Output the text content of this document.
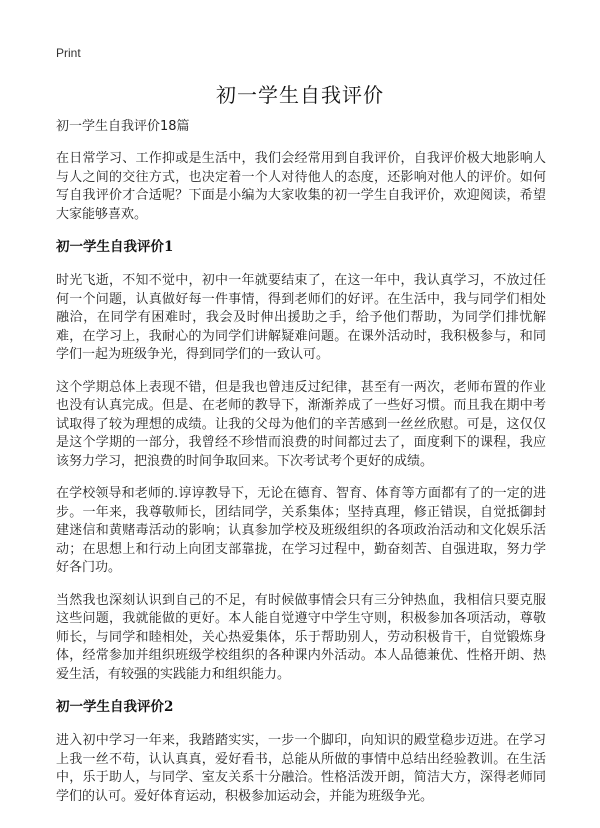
Print
初一学生自我评价

初一学生自我评价18篇

在日常学习、工作抑或是生活中，我们会经常用到自我评价，自我评价极大地影响人与人之间的交往方式，也决定着一个人对待他人的态度，还影响对他人的评价。如何写自我评价才合适呢？下面是小编为大家收集的初一学生自我评价，欢迎阅读，希望大家能够喜欢。

初一学生自我评价1

时光飞逝，不知不觉中，初中一年就要结束了，在这一年中，我认真学习，不放过任何一个问题，认真做好每一件事情，得到老师们的好评。在生活中，我与同学们相处融洽，在同学有困难时，我会及时伸出援助之手，给予他们帮助，为同学们排忧解难，在学习上，我耐心的为同学们讲解疑难问题。在课外活动时，我积极参与，和同学们一起为班级争光，得到同学们的一致认可。

这个学期总体上表现不错，但是我也曾违反过纪律，甚至有一两次，老师布置的作业也没有认真完成。但是、在老师的教导下，渐渐养成了一些好习惯。而且我在期中考试取得了较为理想的成绩。让我的父母为他们的辛苦感到一丝丝欣慰。可是，这仅仅是这个学期的一部分，我曾经不珍惜而浪费的时间都过去了，面度剩下的课程，我应该努力学习，把浪费的时间争取回来。下次考试考个更好的成绩。

在学校领导和老师的.谆谆教导下，无论在德育、智育、体育等方面都有了的一定的进步。一年来，我尊敬师长，团结同学，关系集体；坚持真理，修正错误，自觉抵御封建迷信和黄赌毒活动的影响；认真参加学校及班级组织的各项政治活动和文化娱乐活动；在思想上和行动上向团支部靠拢，在学习过程中，勤奋刻苦、自强进取，努力学好各门功。

当然我也深刻认识到自己的不足，有时候做事情会只有三分钟热血，我相信只要克服这些问题，我就能做的更好。本人能自觉遵守中学生守则，积极参加各项活动，尊敬师长，与同学和睦相处，关心热爱集体，乐于帮助别人，劳动积极肯干，自觉锻炼身体，经常参加并组织班级学校组织的各种课内外活动。本人品德兼优、性格开朗、热爱生活，有较强的实践能力和组织能力。

初一学生自我评价2

进入初中学习一年来，我踏踏实实，一步一个脚印，向知识的殿堂稳步迈进。在学习上我一丝不苟，认认真真，爱好看书，总能从所做的事情中总结出经验教训。在生活中，乐于助人，与同学、室友关系十分融洽。性格活泼开朗，简洁大方，深得老师同学们的认可。爱好体育运动，积极参加运动会，并能为班级争光。
